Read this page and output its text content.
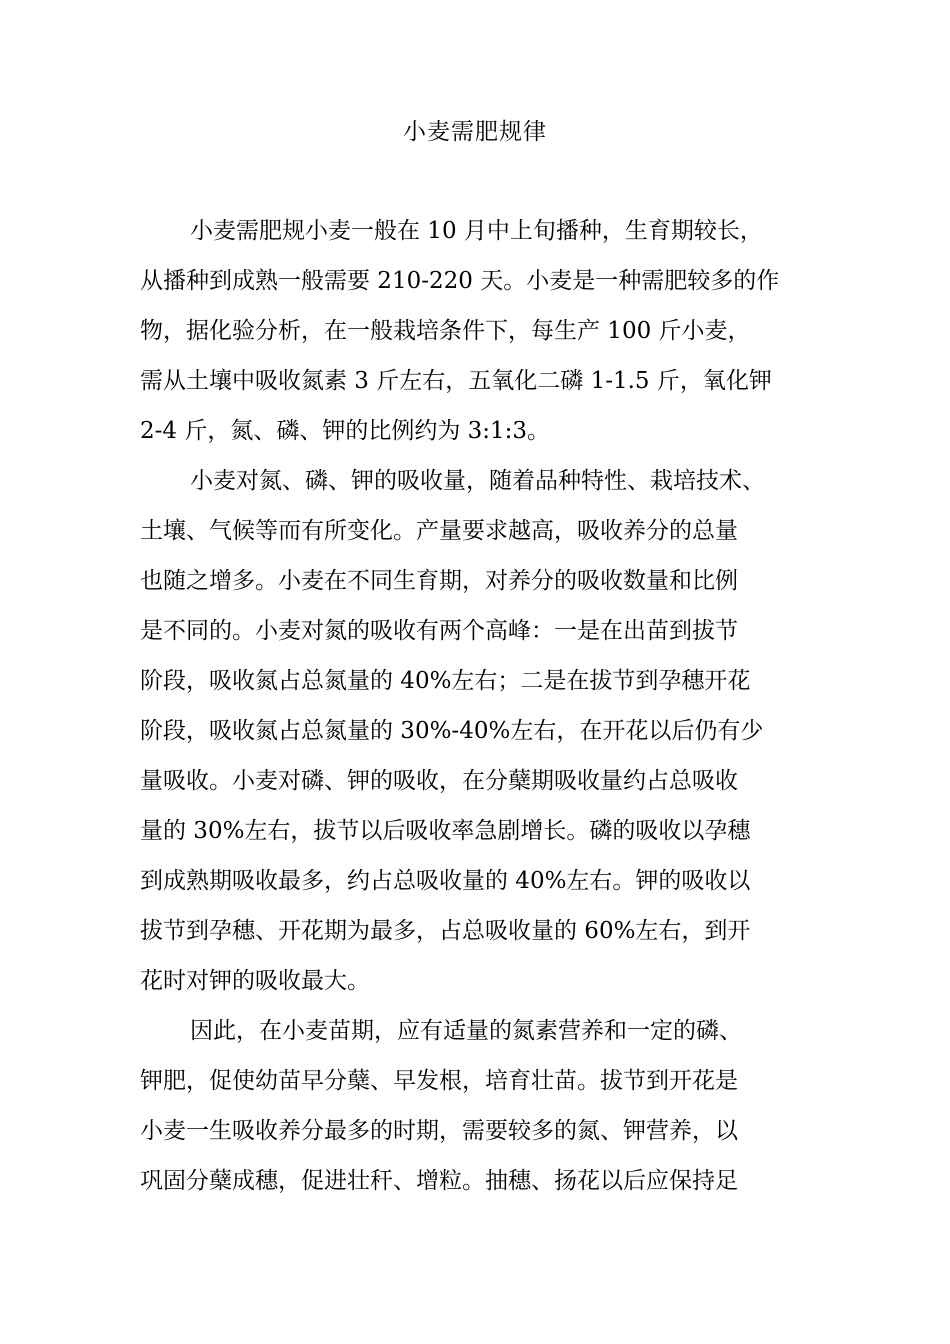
小麦需肥规律
小麦需肥规小麦一般在 10 月中上旬播种，生育期较长，
从播种到成熟一般需要 210-220 天。小麦是一种需肥较多的作
物，据化验分析，在一般栽培条件下，每生产 100 斤小麦，
需从土壤中吸收氮素 3 斤左右，五氧化二磷 1-1.5 斤，氧化钾
2-4 斤，氮、磷、钾的比例约为 3:1:3。
小麦对氮、磷、钾的吸收量，随着品种特性、栽培技术、
土壤、气候等而有所变化。产量要求越高，吸收养分的总量
也随之增多。小麦在不同生育期，对养分的吸收数量和比例
是不同的。小麦对氮的吸收有两个高峰：一是在出苗到拔节
阶段，吸收氮占总氮量的 40%左右；二是在拔节到孕穗开花
阶段，吸收氮占总氮量的 30%-40%左右，在开花以后仍有少
量吸收。小麦对磷、钾的吸收，在分蘖期吸收量约占总吸收
量的 30%左右，拔节以后吸收率急剧增长。磷的吸收以孕穗
到成熟期吸收最多，约占总吸收量的 40%左右。钾的吸收以
拔节到孕穗、开花期为最多，占总吸收量的 60%左右，到开
花时对钾的吸收最大。
因此，在小麦苗期，应有适量的氮素营养和一定的磷、
钾肥，促使幼苗早分蘖、早发根，培育壮苗。拔节到开花是
小麦一生吸收养分最多的时期，需要较多的氮、钾营养，以
巩固分蘖成穗，促进壮秆、增粒。抽穗、扬花以后应保持足
